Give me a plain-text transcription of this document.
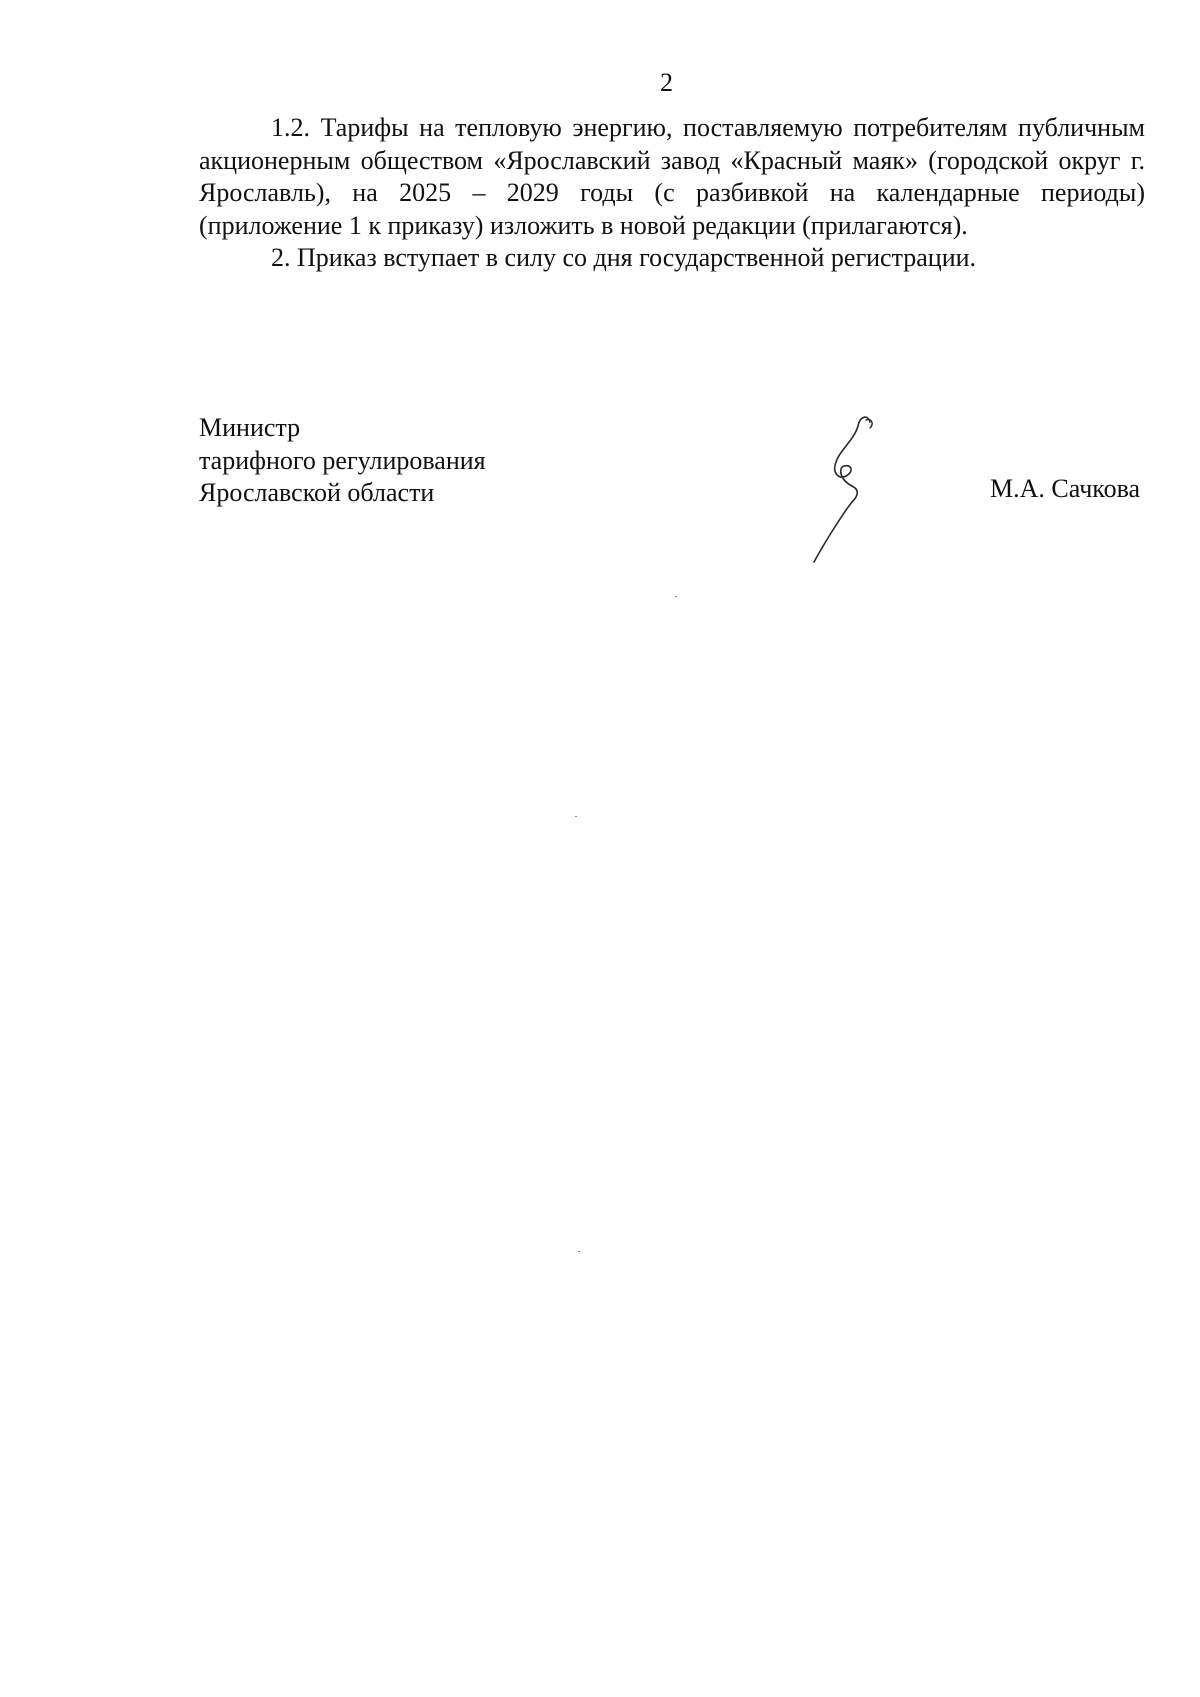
2

1.2. Тарифы на тепловую энергию, поставляемую потребителям публичным акционерным обществом «Ярославский завод «Красный маяк» (городской округ г. Ярославль), на 2025 – 2029 годы (с разбивкой на календарные периоды) (приложение 1 к приказу) изложить в новой редакции (прилагаются).

2. Приказ вступает в силу со дня государственной регистрации.

Министр
тарифного регулирования
Ярославской области	М.А. Сачкова
